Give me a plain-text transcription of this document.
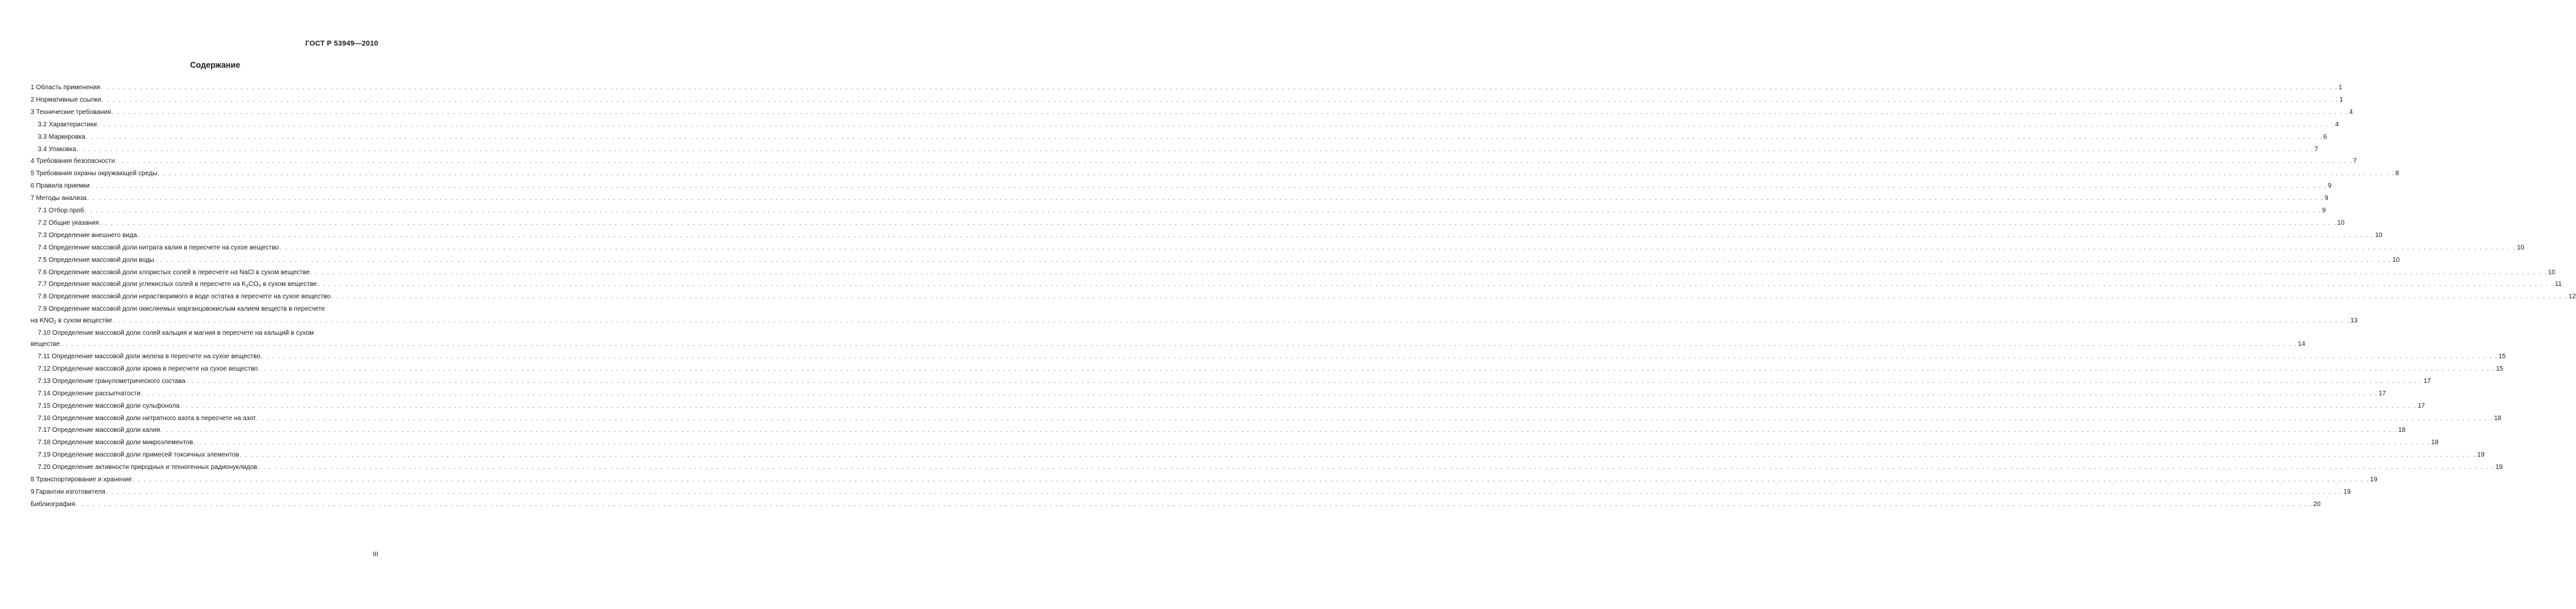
ГОСТ Р 53949—2010
Содержание
1 Область применения . . . . . . . . . . . . . . . . . . . . . . . . . . . . . . . . . . . . . . . . . . . . . . . . . . . . . . . . . . . . . . . . . . . . . . . . . . . . . . . . . . . . . . . . . . . . . . . . . . . . . . . . . . . . . . . . . . . . . . . . . . . . . . . . . . . . . . . . . . . . . . . . . . . . . . . . . . . . . . . . . . . . . . . . . . . . . . . . . . . . . . . . . . . . . . . . . . . . . . . . . . . . . . . . . . . . . . . . . . . . . . . . . . . . . . . . . . . . . . . . . . . . . . . . . . . . . . . . . . . . . . . . . . . . . . . . . . . . . . . . . . . . . . . . . . . . . . . . . . . . . . . . . . . . . . . . . . . . . . . . . . . . . . . . . . . . . . . . . . . . . . . . . . . . . . . . . . . . . . . . . . . . . . . . . . . . . . . . . . . . . . . . . . . . . . . . . . . . . . . . 1
2 Нормативные ссылки . . . . . . . . . . . . . . . . . . . . . . . . . . . . . . . . . . . . . . . . . . . . . . . . . . . . . . . . . . . . . . . . . . . . . . . . . . . . . . . . . . . . . . . . . . . . . . . . . . . . . . . . . . . . . . . . . . . . . . . . . . . . . . . . . . . . . . . . . . . . . . . . . . . . . . . . . . . . . . . . . . . . . . . . . . . . . . . . . . . . . . . . . . . . . . . . . . . . . . . . . . . . . . . . . . . . . . . . . . . . . . . . . . . . . . . . . . . . . . . . . . . . . . . . . . . . . . . . . . . . . . . . . . . . . . . . . . . . . . . . . . . . . . . . . . . . . . . . . . . . . . . . . . . . . . . . . . . . . . . . . . . . . . . . . . . . . . . . . . . . . . . . . . . . . . . . . . . . . . . . . . . . . . . . . . . . . . . . . . . . . . . . . . . . . . . . . . . . . . . . 1
3 Технические требования . . . . . . . . . . . . . . . . . . . . . . . . . . . . . . . . . . . . . . . . . . . . . . . . . . . . . . . . . . . . . . . . . . . . . . . . . . . . . . . . . . . . . . . . . . . . . . . . . . . . . . . . . . . . . . . . . . . . . . . . . . . . . . . . . . . . . . . . . . . . . . . . . . . . . . . . . . . . . . . . . . . . . . . . . . . . . . . . . . . . . . . . . . . . . . . . . . . . . . . . . . . . . . . . . . . . . . . . . . . . . . . . . . . . . . . . . . . . . . . . . . . . . . . . . . . . . . . . . . . . . . . . . . . . . . . . . . . . . . . . . . . . . . . . . . . . . . . . . . . . . . . . . . . . . . . . . . . . . . . . . . . . . . . . . . . . . . . . . . . . . . . . . . . . . . . . . . . . . . . . . . . . . . . . . . . . . . . . . . . . . . . . . . . . . . . . . . . . . . . . 4
3.2 Характеристики . . . . . . . . . . . . . . . . . . . . . . . . . . . . . . . . . . . . . . . . . . . . . . . . . . . . . . . . . . . . . . . . . . . . . . . . . . . . . . . . . . . . . . . . . . . . . . . . . . . . . . . . . . . . . . . . . . . . . . . . . . . . . . . . . . . . . . . . . . . . . . . . . . . . . . . . . . . . . . . . . . . . . . . . . . . . . . . . . . . . . . . . . . . . . . . . . . . . . . . . . . . . . . . . . . . . . . . . . . . . . . . . . . . . . . . . . . . . . . . . . . . . . . . . . . . . . . . . . . . . . . . . . . . . . . . . . . . . . . . . . . . . . . . . . . . . . . . . . . . . . . . . . . . . . . . . . . . . . . . . . . . . . . . . . . . . . . . . . . . . . . . . . . . . . . . . . . . . . . . . . . . . . . . . . . . . . . . . . . . . . . . . . . . . . . . . . . . . . . . . 4
3.3 Маркировка . . . . . . . . . . . . . . . . . . . . . . . . . . . . . . . . . . . . . . . . . . . . . . . . . . . . . . . . . . . . . . . . . . . . . . . . . . . . . . . . . . . . . . . . . . . . . . . . . . . . . . . . . . . . . . . . . . . . . . . . . . . . . . . . . . . . . . . . . . . . . . . . . . . . . . . . . . . . . . . . . . . . . . . . . . . . . . . . . . . . . . . . . . . . . . . . . . . . . . . . . . . . . . . . . . . . . . . . . . . . . . . . . . . . . . . . . . . . . . . . . . . . . . . . . . . . . . . . . . . . . . . . . . . . . . . . . . . . . . . . . . . . . . . . . . . . . . . . . . . . . . . . . . . . . . . . . . . . . . . . . . . . . . . . . . . . . . . . . . . . . . . . . . . . . . . . . . . . . . . . . . . . . . . . . . . . . . . . . . . . . . . . . . . . . . . . . . . . . . . . 6
3.4 Упаковка . . . . . . . . . . . . . . . . . . . . . . . . . . . . . . . . . . . . . . . . . . . . . . . . . . . . . . . . . . . . . . . . . . . . . . . . . . . . . . . . . . . . . . . . . . . . . . . . . . . . . . . . . . . . . . . . . . . . . . . . . . . . . . . . . . . . . . . . . . . . . . . . . . . . . . . . . . . . . . . . . . . . . . . . . . . . . . . . . . . . . . . . . . . . . . . . . . . . . . . . . . . . . . . . . . . . . . . . . . . . . . . . . . . . . . . . . . . . . . . . . . . . . . . . . . . . . . . . . . . . . . . . . . . . . . . . . . . . . . . . . . . . . . . . . . . . . . . . . . . . . . . . . . . . . . . . . . . . . . . . . . . . . . . . . . . . . . . . . . . . . . . . . . . . . . . . . . . . . . . . . . . . . . . . . . . . . . . . . . . . . . . . . . . . . . . . . . . . . . . . 7
4 Требования безопасности . . . . . . . . . . . . . . . . . . . . . . . . . . . . . . . . . . . . . . . . . . . . . . . . . . . . . . . . . . . . . . . . . . . . . . . . . . . . . . . . . . . . . . . . . . . . . . . . . . . . . . . . . . . . . . . . . . . . . . . . . . . . . . . . . . . . . . . . . . . . . . . . . . . . . . . . . . . . . . . . . . . . . . . . . . . . . . . . . . . . . . . . . . . . . . . . . . . . . . . . . . . . . . . . . . . . . . . . . . . . . . . . . . . . . . . . . . . . . . . . . . . . . . . . . . . . . . . . . . . . . . . . . . . . . . . . . . . . . . . . . . . . . . . . . . . . . . . . . . . . . . . . . . . . . . . . . . . . . . . . . . . . . . . . . . . . . . . . . . . . . . . . . . . . . . . . . . . . . . . . . . . . . . . . . . . . . . . . . . . . . . . . . . . . . . . . . . . . . . . . 7
5 Требования охраны окружающей среды . . . . . . . . . . . . . . . . . . . . . . . . . . . . . . . . . . . . . . . . . . . . . . . . . . . . . . . . . . . . . . . . . . . . . . . . . . . . . . . . . . . . . . . . . . . . . . . . . . . . . . . . . . . . . . . . . . . . . . . . . . . . . . . . . . . . . . . . . . . . . . . . . . . . . . . . . . . . . . . . . . . . . . . . . . . . . . . . . . . . . . . . . . . . . . . . . . . . . . . . . . . . . . . . . . . . . . . . . . . . . . . . . . . . . . . . . . . . . . . . . . . . . . . . . . . . . . . . . . . . . . . . . . . . . . . . . . . . . . . . . . . . . . . . . . . . . . . . . . . . . . . . . . . . . . . . . . . . . . . . . . . . . . . . . . . . . . . . . . . . . . . . . . . . . . . . . . . . . . . . . . . . . . . . . . . . . . . . . . . . . . . . . . . . . . . . . . . . . . . . 8
6 Правила приемки . . . . . . . . . . . . . . . . . . . . . . . . . . . . . . . . . . . . . . . . . . . . . . . . . . . . . . . . . . . . . . . . . . . . . . . . . . . . . . . . . . . . . . . . . . . . . . . . . . . . . . . . . . . . . . . . . . . . . . . . . . . . . . . . . . . . . . . . . . . . . . . . . . . . . . . . . . . . . . . . . . . . . . . . . . . . . . . . . . . . . . . . . . . . . . . . . . . . . . . . . . . . . . . . . . . . . . . . . . . . . . . . . . . . . . . . . . . . . . . . . . . . . . . . . . . . . . . . . . . . . . . . . . . . . . . . . . . . . . . . . . . . . . . . . . . . . . . . . . . . . . . . . . . . . . . . . . . . . . . . . . . . . . . . . . . . . . . . . . . . . . . . . . . . . . . . . . . . . . . . . . . . . . . . . . . . . . . . . . . . . . . . . . . . . . . . . . . . . . . . 9
7 Методы анализа . . . . . . . . . . . . . . . . . . . . . . . . . . . . . . . . . . . . . . . . . . . . . . . . . . . . . . . . . . . . . . . . . . . . . . . . . . . . . . . . . . . . . . . . . . . . . . . . . . . . . . . . . . . . . . . . . . . . . . . . . . . . . . . . . . . . . . . . . . . . . . . . . . . . . . . . . . . . . . . . . . . . . . . . . . . . . . . . . . . . . . . . . . . . . . . . . . . . . . . . . . . . . . . . . . . . . . . . . . . . . . . . . . . . . . . . . . . . . . . . . . . . . . . . . . . . . . . . . . . . . . . . . . . . . . . . . . . . . . . . . . . . . . . . . . . . . . . . . . . . . . . . . . . . . . . . . . . . . . . . . . . . . . . . . . . . . . . . . . . . . . . . . . . . . . . . . . . . . . . . . . . . . . . . . . . . . . . . . . . . . . . . . . . . . . . . . . . . . . . . 9
7.1 Отбор проб . . . . . . . . . . . . . . . . . . . . . . . . . . . . . . . . . . . . . . . . . . . . . . . . . . . . . . . . . . . . . . . . . . . . . . . . . . . . . . . . . . . . . . . . . . . . . . . . . . . . . . . . . . . . . . . . . . . . . . . . . . . . . . . . . . . . . . . . . . . . . . . . . . . . . . . . . . . . . . . . . . . . . . . . . . . . . . . . . . . . . . . . . . . . . . . . . . . . . . . . . . . . . . . . . . . . . . . . . . . . . . . . . . . . . . . . . . . . . . . . . . . . . . . . . . . . . . . . . . . . . . . . . . . . . . . . . . . . . . . . . . . . . . . . . . . . . . . . . . . . . . . . . . . . . . . . . . . . . . . . . . . . . . . . . . . . . . . . . . . . . . . . . . . . . . . . . . . . . . . . . . . . . . . . . . . . . . . . . . . . . . . . . . . . . . . . . . . . . . . . 9
7.2 Общие указания . . . . . . . . . . . . . . . . . . . . . . . . . . . . . . . . . . . . . . . . . . . . . . . . . . . . . . . . . . . . . . . . . . . . . . . . . . . . . . . . . . . . . . . . . . . . . . . . . . . . . . . . . . . . . . . . . . . . . . . . . . . . . . . . . . . . . . . . . . . . . . . . . . . . . . . . . . . . . . . . . . . . . . . . . . . . . . . . . . . . . . . . . . . . . . . . . . . . . . . . . . . . . . . . . . . . . . . . . . . . . . . . . . . . . . . . . . . . . . . . . . . . . . . . . . . . . . . . . . . . . . . . . . . . . . . . . . . . . . . . . . . . . . . . . . . . . . . . . . . . . . . . . . . . . . . . . . . . . . . . . . . . . . . . . . . . . . . . . . . . . . . . . . . . . . . . . . . . . . . . . . . . . . . . . . . . . . . . . . . . . . . . . . . . . . . . . . . . . . . . 10
7.3 Определение внешнего вида . . . . . . . . . . . . . . . . . . . . . . . . . . . . . . . . . . . . . . . . . . . . . . . . . . . . . . . . . . . . . . . . . . . . . . . . . . . . . . . . . . . . . . . . . . . . . . . . . . . . . . . . . . . . . . . . . . . . . . . . . . . . . . . . . . . . . . . . . . . . . . . . . . . . . . . . . . . . . . . . . . . . . . . . . . . . . . . . . . . . . . . . . . . . . . . . . . . . . . . . . . . . . . . . . . . . . . . . . . . . . . . . . . . . . . . . . . . . . . . . . . . . . . . . . . . . . . . . . . . . . . . . . . . . . . . . . . . . . . . . . . . . . . . . . . . . . . . . . . . . . . . . . . . . . . . . . . . . . . . . . . . . . . . . . . . . . . . . . . . . . . . . . . . . . . . . . . . . . . . . . . . . . . . . . . . . . . . . . . . . . . . . . . . . . . . . . . . . . . . . 10
7.4 Определение массовой доли нитрата калия в пересчете на сухое вещество . . . . . . . . . . . . . . . . . . . . . . . . . . . . . . . . . . . . . . . . . . . . . . . . . . . . . . . . . . . . . . . . . . . . . . . . . . . . . . . . . . . . . . . . . . . . . . . . . . . . . . . . . . . . . . . . . . . . . . . . . . . . . . . . . . . . . . . . . . . . . . . . . . . . . . . . . . . . . . . . . . . . . . . . . . . . . . . . . . . . . . . . . . . . . . . . . . . . . . . . . . . . . . . . . . . . . . . . . . . . . . . . . . . . . . . . . . . . . . . . . . . . . . . . . . . . . . . . . . . . . . . . . . . . . . . . . . . . . . . . . . . . . . . . . . . . . . . . . . . . . . . . . . . . . . . . . . . . . . . . . . . . . . . . . . . . . . . . . . . . . . . . . . . . . . . . . . . . . . . . . . . . . . . . . . . . . . . . . . . . . . . . . . . . . . . . . . . . . . . . 10
7.5 Определение массовой доли воды . . . . . . . . . . . . . . . . . . . . . . . . . . . . . . . . . . . . . . . . . . . . . . . . . . . . . . . . . . . . . . . . . . . . . . . . . . . . . . . . . . . . . . . . . . . . . . . . . . . . . . . . . . . . . . . . . . . . . . . . . . . . . . . . . . . . . . . . . . . . . . . . . . . . . . . . . . . . . . . . . . . . . . . . . . . . . . . . . . . . . . . . . . . . . . . . . . . . . . . . . . . . . . . . . . . . . . . . . . . . . . . . . . . . . . . . . . . . . . . . . . . . . . . . . . . . . . . . . . . . . . . . . . . . . . . . . . . . . . . . . . . . . . . . . . . . . . . . . . . . . . . . . . . . . . . . . . . . . . . . . . . . . . . . . . . . . . . . . . . . . . . . . . . . . . . . . . . . . . . . . . . . . . . . . . . . . . . . . . . . . . . . . . . . . . . . . . . . . . . . 10
7.6 Определение массовой доли хлористых солей в пересчете на NaCl в сухом веществе . . . . . . . . . . . . . . . . . . . . . . . . . . . . . . . . . . . . . . . . . . . . . . . . . . . . . . . . . . . . . . . . . . . . . . . . . . . . . . . . . . . . . . . . . . . . . . . . . . . . . . . . . . . . . . . . . . . . . . . . . . . . . . . . . . . . . . . . . . . . . . . . . . . . . . . . . . . . . . . . . . . . . . . . . . . . . . . . . . . . . . . . . . . . . . . . . . . . . . . . . . . . . . . . . . . . . . . . . . . . . . . . . . . . . . . . . . . . . . . . . . . . . . . . . . . . . . . . . . . . . . . . . . . . . . . . . . . . . . . . . . . . . . . . . . . . . . . . . . . . . . . . . . . . . . . . . . . . . . . . . . . . . . . . . . . . . . . . . . . . . . . . . . . . . . . . . . . . . . . . . . . . . . . . . . . . . . . . . . . . . . . . . . . . . . . . . . . . . . . . 10
7.7 Определение массовой доли углекислых солей в пересчете на $K_2CO_3$ в сухом веществе . . . . . . . . . . . . . . . . . . . . . . . . . . . . . . . . . . . . . . . . . . . . . . . . . . . . . . . . . . . . . . . . . . . . . . . . . . . . . . . . . . . . . . . . . . . . . . . . . . . . . . . . . . . . . . . . . . . . . . . . . . . . . . . . . . . . . . . . . . . . . . . . . . . . . . . . . . . . . . . . . . . . . . . . . . . . . . . . . . . . . . . . . . . . . . . . . . . . . . . . . . . . . . . . . . . . . . . . . . . . . . . . . . . . . . . . . . . . . . . . . . . . . . . . . . . . . . . . . . . . . . . . . . . . . . . . . . . . . . . . . . . . . . . . . . . . . . . . . . . . . . . . . . . . . . . . . . . . . . . . . . . . . . . . . . . . . . . . . . . . . . . . . . . . . . . . . . . . . . . . . . . . . . . . . . . . . . . . . . . . . . . . . . . . . . . . . . . . . . . . 11
7.8 Определение массовой доли нерастворимого в воде остатка в пересчете на сухое вещество . . . . . . . . . . . . . . . . . . . . . . . . . . . . . . . . . . . . . . . . . . . . . . . . . . . . . . . . . . . . . . . . . . . . . . . . . . . . . . . . . . . . . . . . . . . . . . . . . . . . . . . . . . . . . . . . . . . . . . . . . . . . . . . . . . . . . . . . . . . . . . . . . . . . . . . . . . . . . . . . . . . . . . . . . . . . . . . . . . . . . . . . . . . . . . . . . . . . . . . . . . . . . . . . . . . . . . . . . . . . . . . . . . . . . . . . . . . . . . . . . . . . . . . . . . . . . . . . . . . . . . . . . . . . . . . . . . . . . . . . . . . . . . . . . . . . . . . . . . . . . . . . . . . . . . . . . . . . . . . . . . . . . . . . . . . . . . . . . . . . . . . . . . . . . . . . . . . . . . . . . . . . . . . . . . . . . . . . . . . . . . . . . . . . . . . . . . . . . . . . 12
7.9 Определение массовой доли окисляемых марганцовокислым калием веществ в пересчете
на $KNO_2$ в сухом веществе . . . . . . . . . . . . . . . . . . . . . . . . . . . . . . . . . . . . . . . . . . . . . . . . . . . . . . . . . . . . . . . . . . . . . . . . . . . . . . . . . . . . . . . . . . . . . . . . . . . . . . . . . . . . . . . . . . . . . . . . . . . . . . . . . . . . . . . . . . . . . . . . . . . . . . . . . . . . . . . . . . . . . . . . . . . . . . . . . . . . . . . . . . . . . . . . . . . . . . . . . . . . . . . . . . . . . . . . . . . . . . . . . . . . . . . . . . . . . . . . . . . . . . . . . . . . . . . . . . . . . . . . . . . . . . . . . . . . . . . . . . . . . . . . . . . . . . . . . . . . . . . . . . . . . . . . . . . . . . . . . . . . . . . . . . . . . . . . . . . . . . . . . . . . . . . . . . . . . . . . . . . . . . . . . . . . . . . . . . . . . . . . . . . . . . . . . . . . . . . . 13
7.10 Определение массовой доли солей кальция и магния в пересчете на кальций в сухом
веществе . . . . . . . . . . . . . . . . . . . . . . . . . . . . . . . . . . . . . . . . . . . . . . . . . . . . . . . . . . . . . . . . . . . . . . . . . . . . . . . . . . . . . . . . . . . . . . . . . . . . . . . . . . . . . . . . . . . . . . . . . . . . . . . . . . . . . . . . . . . . . . . . . . . . . . . . . . . . . . . . . . . . . . . . . . . . . . . . . . . . . . . . . . . . . . . . . . . . . . . . . . . . . . . . . . . . . . . . . . . . . . . . . . . . . . . . . . . . . . . . . . . . . . . . . . . . . . . . . . . . . . . . . . . . . . . . . . . . . . . . . . . . . . . . . . . . . . . . . . . . . . . . . . . . . . . . . . . . . . . . . . . . . . . . . . . . . . . . . . . . . . . . . . . . . . . . . . . . . . . . . . . . . . . . . . . . . . . . . . . . . . . . . . . . . . . . . . . . . . . . 14
7.11 Определение массовой доли железа в пересчете на сухое вещество . . . . . . . . . . . . . . . . . . . . . . . . . . . . . . . . . . . . . . . . . . . . . . . . . . . . . . . . . . . . . . . . . . . . . . . . . . . . . . . . . . . . . . . . . . . . . . . . . . . . . . . . . . . . . . . . . . . . . . . . . . . . . . . . . . . . . . . . . . . . . . . . . . . . . . . . . . . . . . . . . . . . . . . . . . . . . . . . . . . . . . . . . . . . . . . . . . . . . . . . . . . . . . . . . . . . . . . . . . . . . . . . . . . . . . . . . . . . . . . . . . . . . . . . . . . . . . . . . . . . . . . . . . . . . . . . . . . . . . . . . . . . . . . . . . . . . . . . . . . . . . . . . . . . . . . . . . . . . . . . . . . . . . . . . . . . . . . . . . . . . . . . . . . . . . . . . . . . . . . . . . . . . . . . . . . . . . . . . . . . . . . . . . . . . . . . . . . . . . . . 15
7.12 Определение массовой доли хрома в пересчете на сухое вещество . . . . . . . . . . . . . . . . . . . . . . . . . . . . . . . . . . . . . . . . . . . . . . . . . . . . . . . . . . . . . . . . . . . . . . . . . . . . . . . . . . . . . . . . . . . . . . . . . . . . . . . . . . . . . . . . . . . . . . . . . . . . . . . . . . . . . . . . . . . . . . . . . . . . . . . . . . . . . . . . . . . . . . . . . . . . . . . . . . . . . . . . . . . . . . . . . . . . . . . . . . . . . . . . . . . . . . . . . . . . . . . . . . . . . . . . . . . . . . . . . . . . . . . . . . . . . . . . . . . . . . . . . . . . . . . . . . . . . . . . . . . . . . . . . . . . . . . . . . . . . . . . . . . . . . . . . . . . . . . . . . . . . . . . . . . . . . . . . . . . . . . . . . . . . . . . . . . . . . . . . . . . . . . . . . . . . . . . . . . . . . . . . . . . . . . . . . . . . . . . 15
7.13 Определение гранулометрического состава . . . . . . . . . . . . . . . . . . . . . . . . . . . . . . . . . . . . . . . . . . . . . . . . . . . . . . . . . . . . . . . . . . . . . . . . . . . . . . . . . . . . . . . . . . . . . . . . . . . . . . . . . . . . . . . . . . . . . . . . . . . . . . . . . . . . . . . . . . . . . . . . . . . . . . . . . . . . . . . . . . . . . . . . . . . . . . . . . . . . . . . . . . . . . . . . . . . . . . . . . . . . . . . . . . . . . . . . . . . . . . . . . . . . . . . . . . . . . . . . . . . . . . . . . . . . . . . . . . . . . . . . . . . . . . . . . . . . . . . . . . . . . . . . . . . . . . . . . . . . . . . . . . . . . . . . . . . . . . . . . . . . . . . . . . . . . . . . . . . . . . . . . . . . . . . . . . . . . . . . . . . . . . . . . . . . . . . . . . . . . . . . . . . . . . . . . . . . . . . . 17
7.14 Определение рассыпчатости . . . . . . . . . . . . . . . . . . . . . . . . . . . . . . . . . . . . . . . . . . . . . . . . . . . . . . . . . . . . . . . . . . . . . . . . . . . . . . . . . . . . . . . . . . . . . . . . . . . . . . . . . . . . . . . . . . . . . . . . . . . . . . . . . . . . . . . . . . . . . . . . . . . . . . . . . . . . . . . . . . . . . . . . . . . . . . . . . . . . . . . . . . . . . . . . . . . . . . . . . . . . . . . . . . . . . . . . . . . . . . . . . . . . . . . . . . . . . . . . . . . . . . . . . . . . . . . . . . . . . . . . . . . . . . . . . . . . . . . . . . . . . . . . . . . . . . . . . . . . . . . . . . . . . . . . . . . . . . . . . . . . . . . . . . . . . . . . . . . . . . . . . . . . . . . . . . . . . . . . . . . . . . . . . . . . . . . . . . . . . . . . . . . . . . . . . . . . . . . . 17
7.15 Определение массовой доли сульфонола . . . . . . . . . . . . . . . . . . . . . . . . . . . . . . . . . . . . . . . . . . . . . . . . . . . . . . . . . . . . . . . . . . . . . . . . . . . . . . . . . . . . . . . . . . . . . . . . . . . . . . . . . . . . . . . . . . . . . . . . . . . . . . . . . . . . . . . . . . . . . . . . . . . . . . . . . . . . . . . . . . . . . . . . . . . . . . . . . . . . . . . . . . . . . . . . . . . . . . . . . . . . . . . . . . . . . . . . . . . . . . . . . . . . . . . . . . . . . . . . . . . . . . . . . . . . . . . . . . . . . . . . . . . . . . . . . . . . . . . . . . . . . . . . . . . . . . . . . . . . . . . . . . . . . . . . . . . . . . . . . . . . . . . . . . . . . . . . . . . . . . . . . . . . . . . . . . . . . . . . . . . . . . . . . . . . . . . . . . . . . . . . . . . . . . . . . . . . . . . . 17
7.16 Определение массовой доли нитратного азота в пересчете на азот . . . . . . . . . . . . . . . . . . . . . . . . . . . . . . . . . . . . . . . . . . . . . . . . . . . . . . . . . . . . . . . . . . . . . . . . . . . . . . . . . . . . . . . . . . . . . . . . . . . . . . . . . . . . . . . . . . . . . . . . . . . . . . . . . . . . . . . . . . . . . . . . . . . . . . . . . . . . . . . . . . . . . . . . . . . . . . . . . . . . . . . . . . . . . . . . . . . . . . . . . . . . . . . . . . . . . . . . . . . . . . . . . . . . . . . . . . . . . . . . . . . . . . . . . . . . . . . . . . . . . . . . . . . . . . . . . . . . . . . . . . . . . . . . . . . . . . . . . . . . . . . . . . . . . . . . . . . . . . . . . . . . . . . . . . . . . . . . . . . . . . . . . . . . . . . . . . . . . . . . . . . . . . . . . . . . . . . . . . . . . . . . . . . . . . . . . . . . . . . . 18
7.17 Определение массовой доли калия . . . . . . . . . . . . . . . . . . . . . . . . . . . . . . . . . . . . . . . . . . . . . . . . . . . . . . . . . . . . . . . . . . . . . . . . . . . . . . . . . . . . . . . . . . . . . . . . . . . . . . . . . . . . . . . . . . . . . . . . . . . . . . . . . . . . . . . . . . . . . . . . . . . . . . . . . . . . . . . . . . . . . . . . . . . . . . . . . . . . . . . . . . . . . . . . . . . . . . . . . . . . . . . . . . . . . . . . . . . . . . . . . . . . . . . . . . . . . . . . . . . . . . . . . . . . . . . . . . . . . . . . . . . . . . . . . . . . . . . . . . . . . . . . . . . . . . . . . . . . . . . . . . . . . . . . . . . . . . . . . . . . . . . . . . . . . . . . . . . . . . . . . . . . . . . . . . . . . . . . . . . . . . . . . . . . . . . . . . . . . . . . . . . . . . . . . . . . . . . . 18
7.18 Определение массовой доли микроэлементов . . . . . . . . . . . . . . . . . . . . . . . . . . . . . . . . . . . . . . . . . . . . . . . . . . . . . . . . . . . . . . . . . . . . . . . . . . . . . . . . . . . . . . . . . . . . . . . . . . . . . . . . . . . . . . . . . . . . . . . . . . . . . . . . . . . . . . . . . . . . . . . . . . . . . . . . . . . . . . . . . . . . . . . . . . . . . . . . . . . . . . . . . . . . . . . . . . . . . . . . . . . . . . . . . . . . . . . . . . . . . . . . . . . . . . . . . . . . . . . . . . . . . . . . . . . . . . . . . . . . . . . . . . . . . . . . . . . . . . . . . . . . . . . . . . . . . . . . . . . . . . . . . . . . . . . . . . . . . . . . . . . . . . . . . . . . . . . . . . . . . . . . . . . . . . . . . . . . . . . . . . . . . . . . . . . . . . . . . . . . . . . . . . . . . . . . . . . . . . . . 18
7.19 Определение массовой доли примесей токсичных элементов . . . . . . . . . . . . . . . . . . . . . . . . . . . . . . . . . . . . . . . . . . . . . . . . . . . . . . . . . . . . . . . . . . . . . . . . . . . . . . . . . . . . . . . . . . . . . . . . . . . . . . . . . . . . . . . . . . . . . . . . . . . . . . . . . . . . . . . . . . . . . . . . . . . . . . . . . . . . . . . . . . . . . . . . . . . . . . . . . . . . . . . . . . . . . . . . . . . . . . . . . . . . . . . . . . . . . . . . . . . . . . . . . . . . . . . . . . . . . . . . . . . . . . . . . . . . . . . . . . . . . . . . . . . . . . . . . . . . . . . . . . . . . . . . . . . . . . . . . . . . . . . . . . . . . . . . . . . . . . . . . . . . . . . . . . . . . . . . . . . . . . . . . . . . . . . . . . . . . . . . . . . . . . . . . . . . . . . . . . . . . . . . . . . . . . . . . . . . . . . . 19
7.20 Определение активности природных и техногенных радионуклидов . . . . . . . . . . . . . . . . . . . . . . . . . . . . . . . . . . . . . . . . . . . . . . . . . . . . . . . . . . . . . . . . . . . . . . . . . . . . . . . . . . . . . . . . . . . . . . . . . . . . . . . . . . . . . . . . . . . . . . . . . . . . . . . . . . . . . . . . . . . . . . . . . . . . . . . . . . . . . . . . . . . . . . . . . . . . . . . . . . . . . . . . . . . . . . . . . . . . . . . . . . . . . . . . . . . . . . . . . . . . . . . . . . . . . . . . . . . . . . . . . . . . . . . . . . . . . . . . . . . . . . . . . . . . . . . . . . . . . . . . . . . . . . . . . . . . . . . . . . . . . . . . . . . . . . . . . . . . . . . . . . . . . . . . . . . . . . . . . . . . . . . . . . . . . . . . . . . . . . . . . . . . . . . . . . . . . . . . . . . . . . . . . . . . . . . . . . . . . . . . 19
8 Транспортирование и хранение . . . . . . . . . . . . . . . . . . . . . . . . . . . . . . . . . . . . . . . . . . . . . . . . . . . . . . . . . . . . . . . . . . . . . . . . . . . . . . . . . . . . . . . . . . . . . . . . . . . . . . . . . . . . . . . . . . . . . . . . . . . . . . . . . . . . . . . . . . . . . . . . . . . . . . . . . . . . . . . . . . . . . . . . . . . . . . . . . . . . . . . . . . . . . . . . . . . . . . . . . . . . . . . . . . . . . . . . . . . . . . . . . . . . . . . . . . . . . . . . . . . . . . . . . . . . . . . . . . . . . . . . . . . . . . . . . . . . . . . . . . . . . . . . . . . . . . . . . . . . . . . . . . . . . . . . . . . . . . . . . . . . . . . . . . . . . . . . . . . . . . . . . . . . . . . . . . . . . . . . . . . . . . . . . . . . . . . . . . . . . . . . . . . . . . . . . . . . . . . . 19
9 Гарантии изготовителя . . . . . . . . . . . . . . . . . . . . . . . . . . . . . . . . . . . . . . . . . . . . . . . . . . . . . . . . . . . . . . . . . . . . . . . . . . . . . . . . . . . . . . . . . . . . . . . . . . . . . . . . . . . . . . . . . . . . . . . . . . . . . . . . . . . . . . . . . . . . . . . . . . . . . . . . . . . . . . . . . . . . . . . . . . . . . . . . . . . . . . . . . . . . . . . . . . . . . . . . . . . . . . . . . . . . . . . . . . . . . . . . . . . . . . . . . . . . . . . . . . . . . . . . . . . . . . . . . . . . . . . . . . . . . . . . . . . . . . . . . . . . . . . . . . . . . . . . . . . . . . . . . . . . . . . . . . . . . . . . . . . . . . . . . . . . . . . . . . . . . . . . . . . . . . . . . . . . . . . . . . . . . . . . . . . . . . . . . . . . . . . . . . . . . . . . . . . . . . . . 19
Библиография . . . . . . . . . . . . . . . . . . . . . . . . . . . . . . . . . . . . . . . . . . . . . . . . . . . . . . . . . . . . . . . . . . . . . . . . . . . . . . . . . . . . . . . . . . . . . . . . . . . . . . . . . . . . . . . . . . . . . . . . . . . . . . . . . . . . . . . . . . . . . . . . . . . . . . . . . . . . . . . . . . . . . . . . . . . . . . . . . . . . . . . . . . . . . . . . . . . . . . . . . . . . . . . . . . . . . . . . . . . . . . . . . . . . . . . . . . . . . . . . . . . . . . . . . . . . . . . . . . . . . . . . . . . . . . . . . . . . . . . . . . . . . . . . . . . . . . . . . . . . . . . . . . . . . . . . . . . . . . . . . . . . . . . . . . . . . . . . . . . . . . . . . . . . . . . . . . . . . . . . . . . . . . . . . . . . . . . . . . . . . . . . . . . . . . . . . . . . . . . . 20
III
